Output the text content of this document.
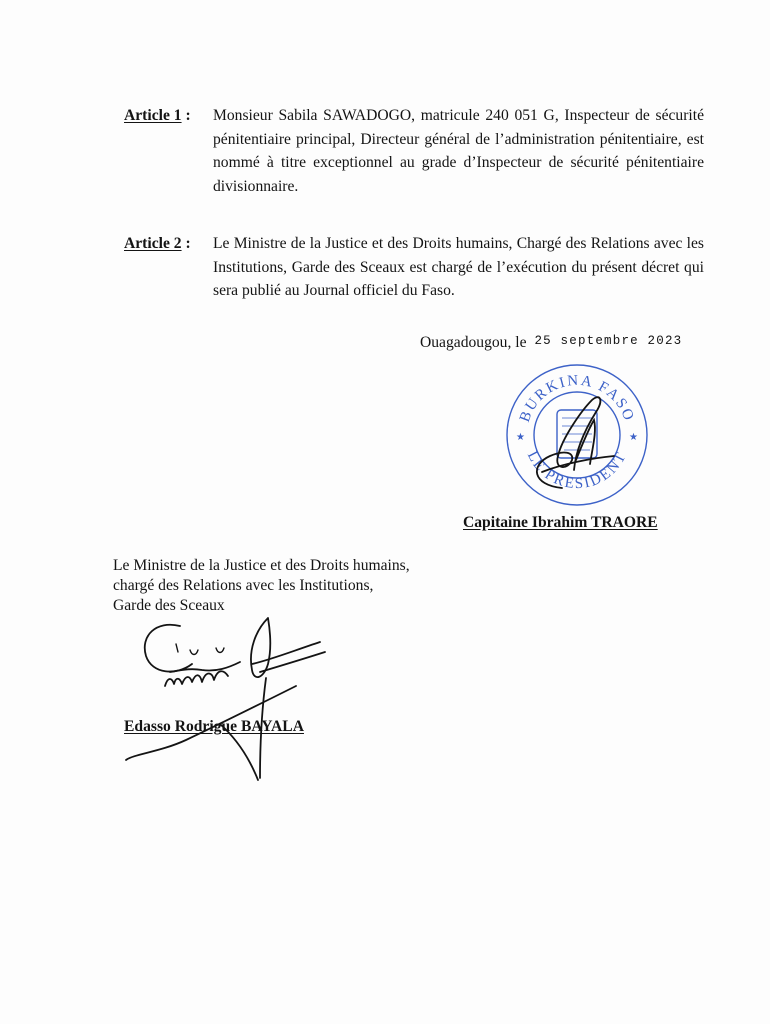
Article 1 : Monsieur Sabila SAWADOGO, matricule 240 051 G, Inspecteur de sécurité pénitentiaire principal, Directeur général de l’administration pénitentiaire, est nommé à titre exceptionnel au grade d’Inspecteur de sécurité pénitentiaire divisionnaire.
Article 2 : Le Ministre de la Justice et des Droits humains, Chargé des Relations avec les Institutions, Garde des Sceaux est chargé de l’exécution du présent décret qui sera publié au Journal officiel du Faso.
Ouagadougou, le 25 septembre 2023
BURKINA FASO
LE PRESIDENT
★	★
Capitaine Ibrahim TRAORE
Le Ministre de la Justice et des Droits humains,
chargé des Relations avec les Institutions,
Garde des Sceaux
Edasso Rodrigue BAYALA
